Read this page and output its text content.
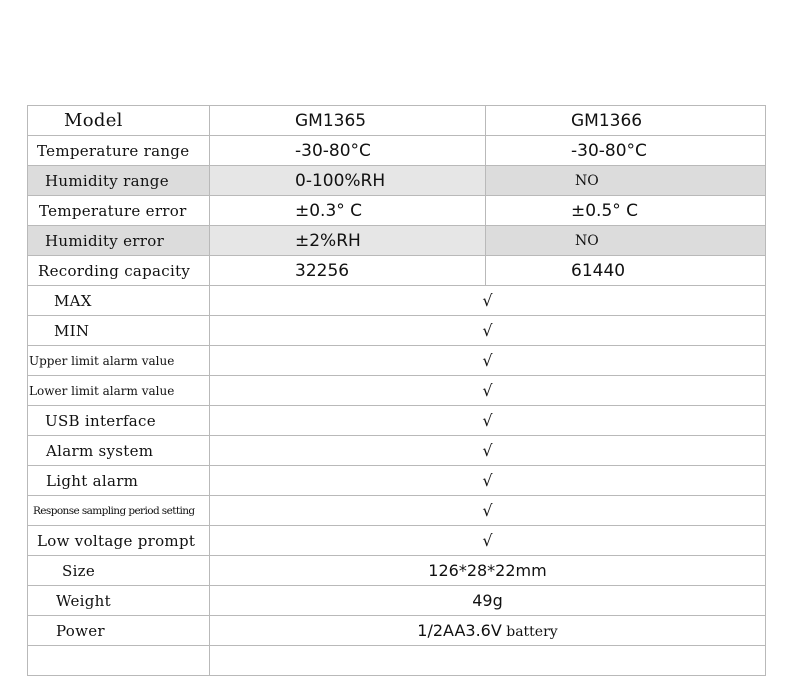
Model	GM1365	GM1366
Temperature range	-30-80°C	-30-80°C
Humidity range	0-100%RH	NO
Temperature error	±0.3° C	±0.5° C
Humidity error	±2%RH	NO
Recording capacity	32256	61440
MAX	√	
MIN	√	
Upper limit alarm value	√	
Lower limit alarm value	√	
USB interface	√	
Alarm system	√	
Light alarm	√	
Response sampling period setting	√	
Low voltage prompt	√	
Size	126*28*22mm	
Weight	49g	
Power	1/2AA3.6V battery	
